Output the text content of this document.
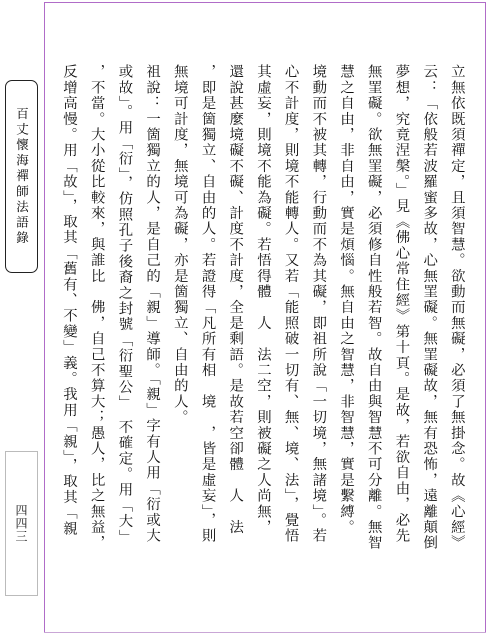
百丈懷海禪師法語錄
四四三	立無依既須禪定，且須智慧。欲動而無礙，必須了無掛念。故《心經》
云：「依般若波羅蜜多故，心無罣礙。無罣礙故，無有恐怖，遠離顛倒
夢想，究竟涅槃。」見《佛心常住經》第十頁。是故，若欲自由，必先
無罣礙。欲無罣礙，必須修自性般若智。故自由與智慧不可分離。無智
慧之自由，非自由，實是煩惱。無自由之智慧，非智慧，實是繫縛。
境動而不被其轉，行動而不為其礙，即祖所說「一切境，無諸境」。若
心不計度，則境不能轉人。又若「能照破一切有、無、境、法」，覺悟
其虛妄，則境不能為礙。若悟得體　人　法二空，則被礙之人尚無，
還說甚麼境礙不礙、計度不計度，全是剩語。是故若空卻體　人　法
，即是箇獨立、自由的人。若證得「凡所有相　境　，皆是虛妄」，則
無境可計度，無境可為礙，亦是箇獨立、自由的人。
祖說：一箇獨立的人，是自己的「親」導師。「親」字有人用「衍或大
或故」。用「衍」，仿照孔子後裔之封號「衍聖公」　不確定。用「大」
，不當。大小從比較來，與誰比　佛，自己不算大；愚人，比之無益，
反增高慢。用「故」，取其「舊有、不變」義。我用「親」，取其「親
